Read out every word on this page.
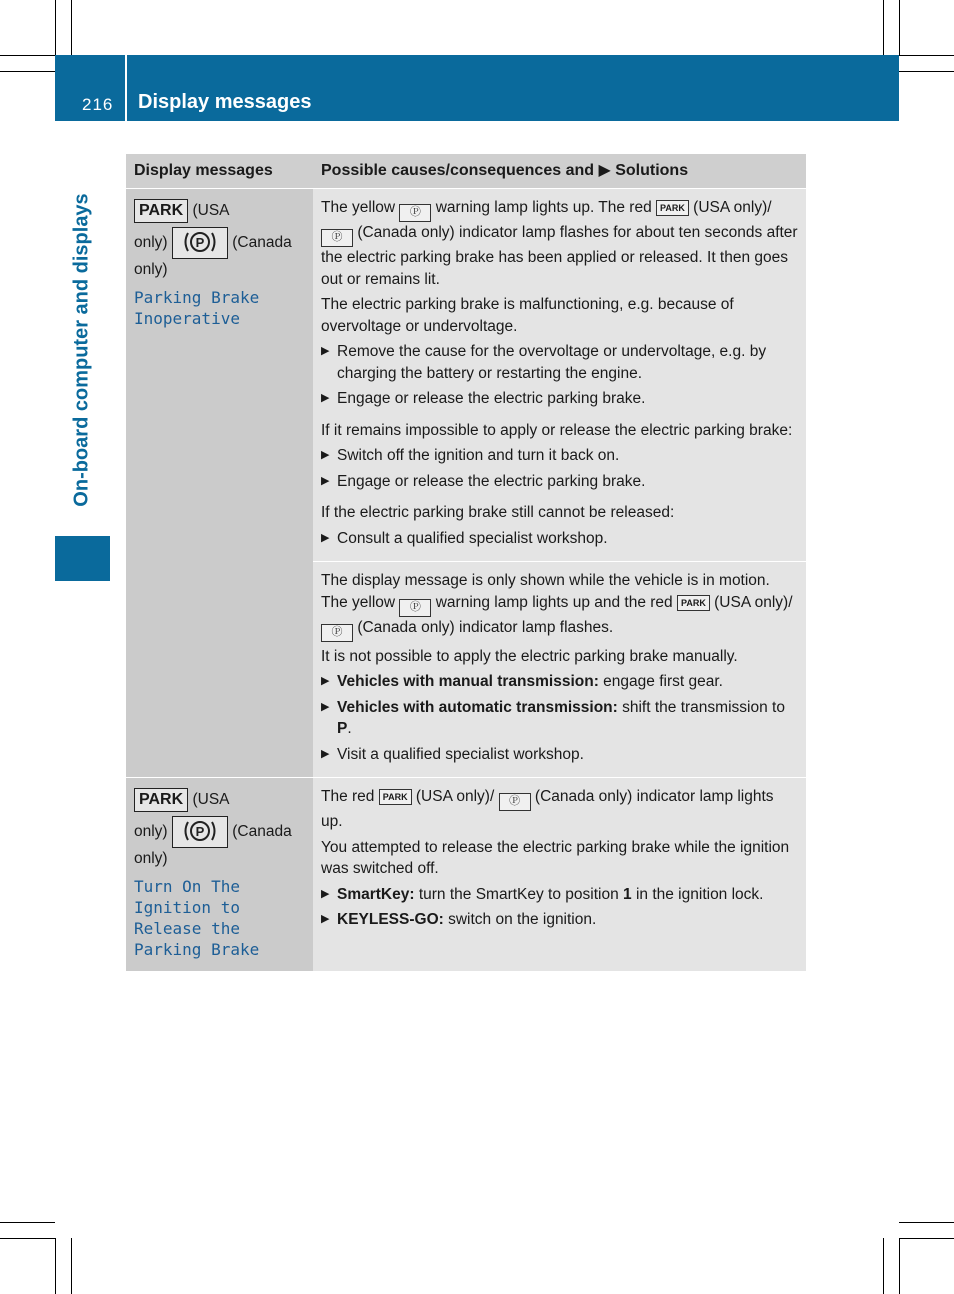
216 Display messages
On-board computer and displays
Display messages	Possible causes/consequences and ▶ Solutions
PARK (USA
only) P (Canada
only)
Parking Brake
Inoperative

The yellow Ⓟ warning lamp lights up. The red PARK (USA only)/ Ⓟ (Canada only) indicator lamp flashes for about ten seconds after the electric parking brake has been applied or released. It then goes out or remains lit.

The electric parking brake is malfunctioning, e.g. because of overvoltage or undervoltage.

▶ Remove the cause for the overvoltage or undervoltage, e.g. by charging the battery or restarting the engine.
▶ Engage or release the electric parking brake.

If it remains impossible to apply or release the electric parking brake:

▶ Switch off the ignition and turn it back on.
▶ Engage or release the electric parking brake.

If the electric parking brake still cannot be released:

▶ Consult a qualified specialist workshop.

The display message is only shown while the vehicle is in motion. The yellow Ⓟ warning lamp lights up and the red PARK (USA only)/ Ⓟ (Canada only) indicator lamp flashes.

It is not possible to apply the electric parking brake manually.

▶ Vehicles with manual transmission: engage first gear.
▶ Vehicles with automatic transmission: shift the transmission to P.
▶ Visit a qualified specialist workshop.
PARK (USA
only) P (Canada
only)
Turn On The
Ignition to
Release the
Parking Brake

The red PARK (USA only)/ Ⓟ (Canada only) indicator lamp lights up.

You attempted to release the electric parking brake while the ignition was switched off.

▶ SmartKey: turn the SmartKey to position 1 in the ignition lock.
▶ KEYLESS-GO: switch on the ignition.
